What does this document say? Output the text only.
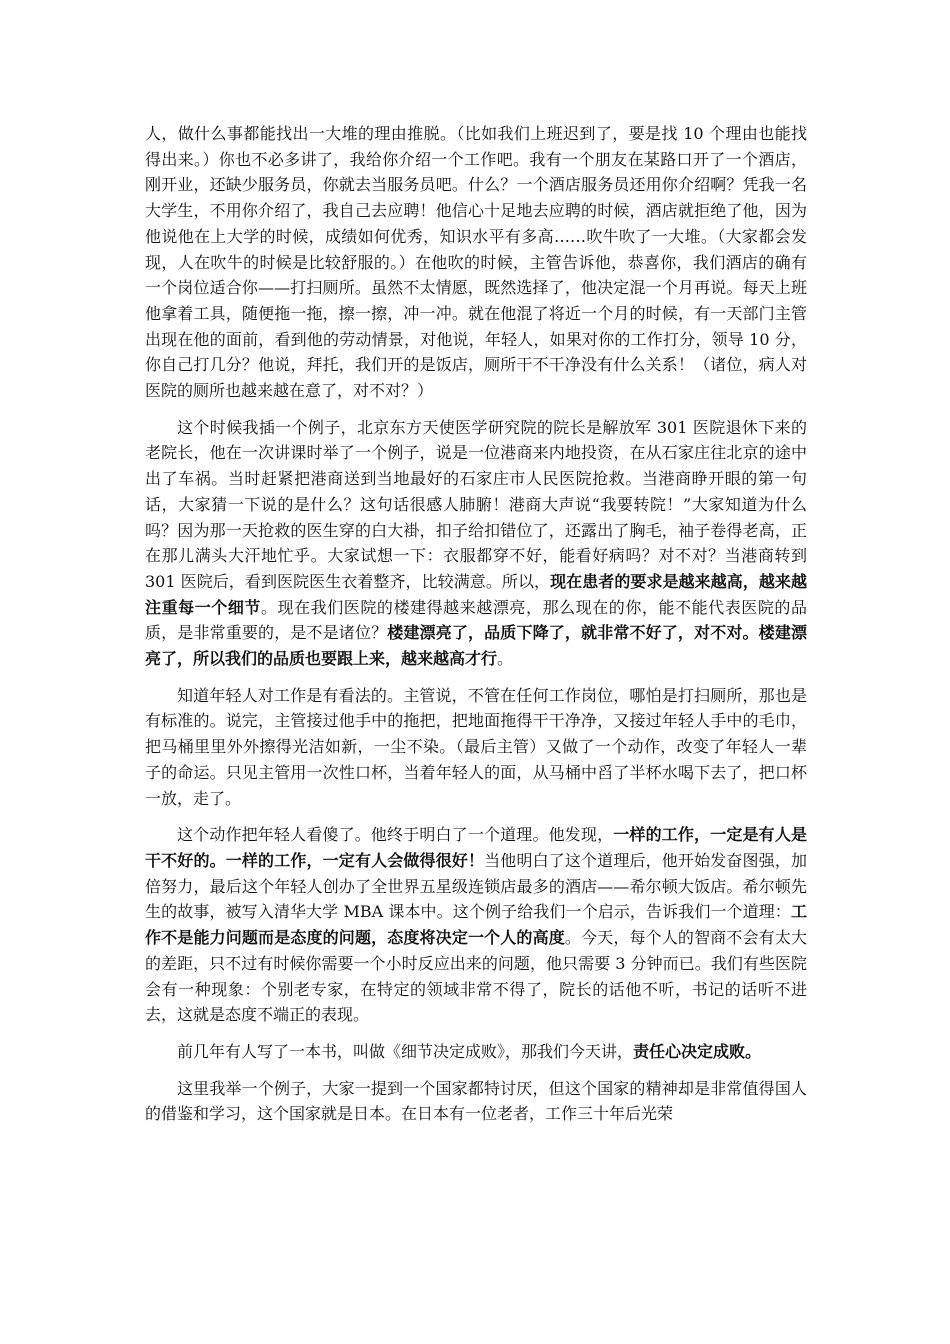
人，做什么事都能找出一大堆的理由推脱。（比如我们上班迟到了，要是找 10 个理由也能找得出来。）你也不必多讲了，我给你介绍一个工作吧。我有一个朋友在某路口开了一个酒店，刚开业，还缺少服务员，你就去当服务员吧。什么？一个酒店服务员还用你介绍啊？凭我一名大学生，不用你介绍了，我自己去应聘！他信心十足地去应聘的时候，酒店就拒绝了他，因为他说他在上大学的时候，成绩如何优秀，知识水平有多高……吹牛吹了一大堆。（大家都会发现，人在吹牛的时候是比较舒服的。）在他吹的时候，主管告诉他，恭喜你，我们酒店的确有一个岗位适合你——打扫厕所。虽然不太情愿，既然选择了，他决定混一个月再说。每天上班他拿着工具，随便拖一拖，擦一擦，冲一冲。就在他混了将近一个月的时候，有一天部门主管出现在他的面前，看到他的劳动情景，对他说，年轻人，如果对你的工作打分，领导 10 分，你自己打几分？他说，拜托，我们开的是饭店，厕所干不干净没有什么关系！（诸位，病人对医院的厕所也越来越在意了，对不对？）

这个时候我插一个例子，北京东方天使医学研究院的院长是解放军 301 医院退休下来的老院长，他在一次讲课时举了一个例子，说是一位港商来内地投资，在从石家庄往北京的途中出了车祸。当时赶紧把港商送到当地最好的石家庄市人民医院抢救。当港商睁开眼的第一句话，大家猜一下说的是什么？这句话很感人肺腑！港商大声说“我要转院！”大家知道为什么吗？因为那一天抢救的医生穿的白大褂，扣子给扣错位了，还露出了胸毛，袖子卷得老高，正在那儿满头大汗地忙乎。大家试想一下：衣服都穿不好，能看好病吗？对不对？当港商转到 301 医院后，看到医院医生衣着整齐，比较满意。所以，现在患者的要求是越来越高，越来越注重每一个细节。现在我们医院的楼建得越来越漂亮，那么现在的你，能不能代表医院的品质，是非常重要的，是不是诸位？楼建漂亮了，品质下降了，就非常不好了，对不对。楼建漂亮了，所以我们的品质也要跟上来，越来越高才行。

知道年轻人对工作是有看法的。主管说，不管在任何工作岗位，哪怕是打扫厕所，那也是有标准的。说完，主管接过他手中的拖把，把地面拖得干干净净，又接过年轻人手中的毛巾，把马桶里里外外擦得光洁如新，一尘不染。（最后主管）又做了一个动作，改变了年轻人一辈子的命运。只见主管用一次性口杯，当着年轻人的面，从马桶中舀了半杯水喝下去了，把口杯一放，走了。

这个动作把年轻人看傻了。他终于明白了一个道理。他发现，一样的工作，一定是有人是干不好的。一样的工作，一定有人会做得很好！当他明白了这个道理后，他开始发奋图强，加倍努力，最后这个年轻人创办了全世界五星级连锁店最多的酒店——希尔顿大饭店。希尔顿先生的故事，被写入清华大学 MBA 课本中。这个例子给我们一个启示，告诉我们一个道理：工作不是能力问题而是态度的问题，态度将决定一个人的高度。今天，每个人的智商不会有太大的差距，只不过有时候你需要一个小时反应出来的问题，他只需要 3 分钟而已。我们有些医院会有一种现象：个别老专家，在特定的领域非常不得了，院长的话他不听，书记的话听不进去，这就是态度不端正的表现。

前几年有人写了一本书，叫做《细节决定成败》，那我们今天讲，责任心决定成败。

这里我举一个例子，大家一提到一个国家都特讨厌，但这个国家的精神却是非常值得国人的借鉴和学习，这个国家就是日本。在日本有一位老者，工作三十年后光荣
